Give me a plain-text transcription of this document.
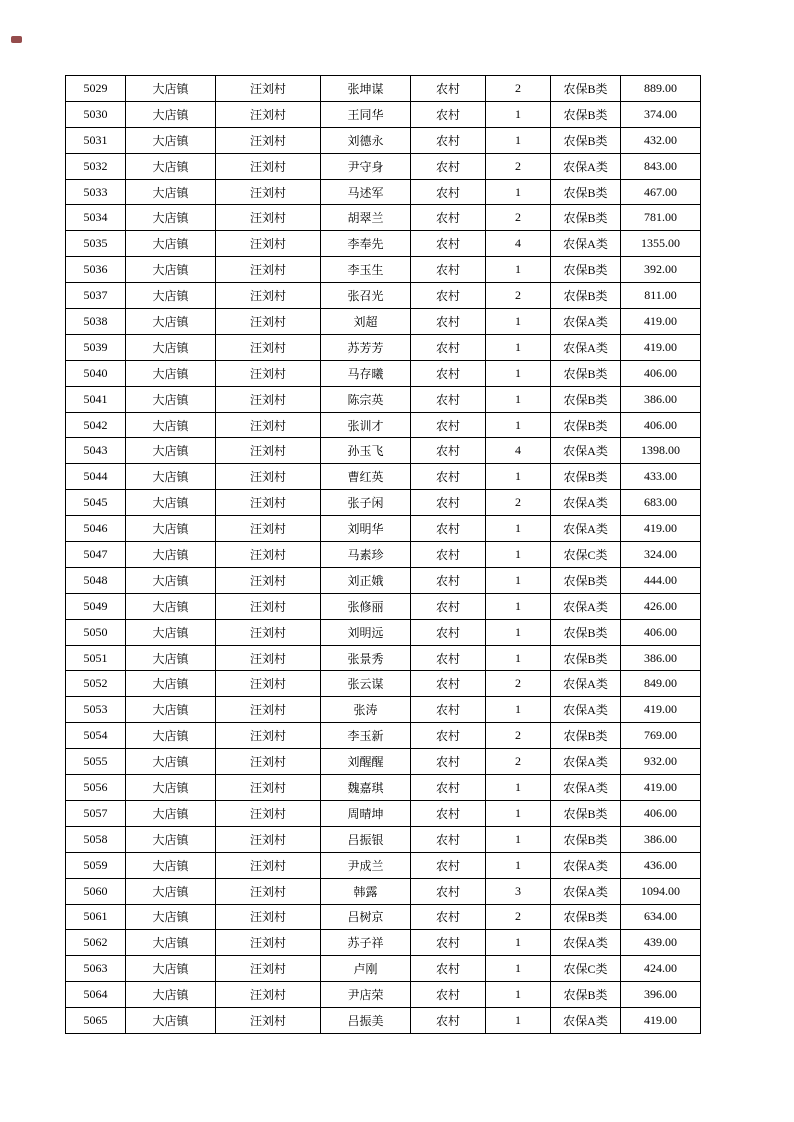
5029	大店镇	汪刘村	张坤谋	农村	2	农保B类	889.00
5030	大店镇	汪刘村	王同华	农村	1	农保B类	374.00
5031	大店镇	汪刘村	刘德永	农村	1	农保B类	432.00
5032	大店镇	汪刘村	尹守身	农村	2	农保A类	843.00
5033	大店镇	汪刘村	马述军	农村	1	农保B类	467.00
5034	大店镇	汪刘村	胡翠兰	农村	2	农保B类	781.00
5035	大店镇	汪刘村	李奉先	农村	4	农保A类	1355.00
5036	大店镇	汪刘村	李玉生	农村	1	农保B类	392.00
5037	大店镇	汪刘村	张召光	农村	2	农保B类	811.00
5038	大店镇	汪刘村	刘超	农村	1	农保A类	419.00
5039	大店镇	汪刘村	苏芳芳	农村	1	农保A类	419.00
5040	大店镇	汪刘村	马存曦	农村	1	农保B类	406.00
5041	大店镇	汪刘村	陈宗英	农村	1	农保B类	386.00
5042	大店镇	汪刘村	张训才	农村	1	农保B类	406.00
5043	大店镇	汪刘村	孙玉飞	农村	4	农保A类	1398.00
5044	大店镇	汪刘村	曹红英	农村	1	农保B类	433.00
5045	大店镇	汪刘村	张子闲	农村	2	农保A类	683.00
5046	大店镇	汪刘村	刘明华	农村	1	农保A类	419.00
5047	大店镇	汪刘村	马素珍	农村	1	农保C类	324.00
5048	大店镇	汪刘村	刘正娥	农村	1	农保B类	444.00
5049	大店镇	汪刘村	张修丽	农村	1	农保A类	426.00
5050	大店镇	汪刘村	刘明远	农村	1	农保B类	406.00
5051	大店镇	汪刘村	张景秀	农村	1	农保B类	386.00
5052	大店镇	汪刘村	张云谋	农村	2	农保A类	849.00
5053	大店镇	汪刘村	张涛	农村	1	农保A类	419.00
5054	大店镇	汪刘村	李玉新	农村	2	农保B类	769.00
5055	大店镇	汪刘村	刘醒醒	农村	2	农保A类	932.00
5056	大店镇	汪刘村	魏嘉琪	农村	1	农保A类	419.00
5057	大店镇	汪刘村	周晴坤	农村	1	农保B类	406.00
5058	大店镇	汪刘村	吕振银	农村	1	农保B类	386.00
5059	大店镇	汪刘村	尹成兰	农村	1	农保A类	436.00
5060	大店镇	汪刘村	韩露	农村	3	农保A类	1094.00
5061	大店镇	汪刘村	吕树京	农村	2	农保B类	634.00
5062	大店镇	汪刘村	苏子祥	农村	1	农保A类	439.00
5063	大店镇	汪刘村	卢刚	农村	1	农保C类	424.00
5064	大店镇	汪刘村	尹店荣	农村	1	农保B类	396.00
5065	大店镇	汪刘村	吕振美	农村	1	农保A类	419.00
